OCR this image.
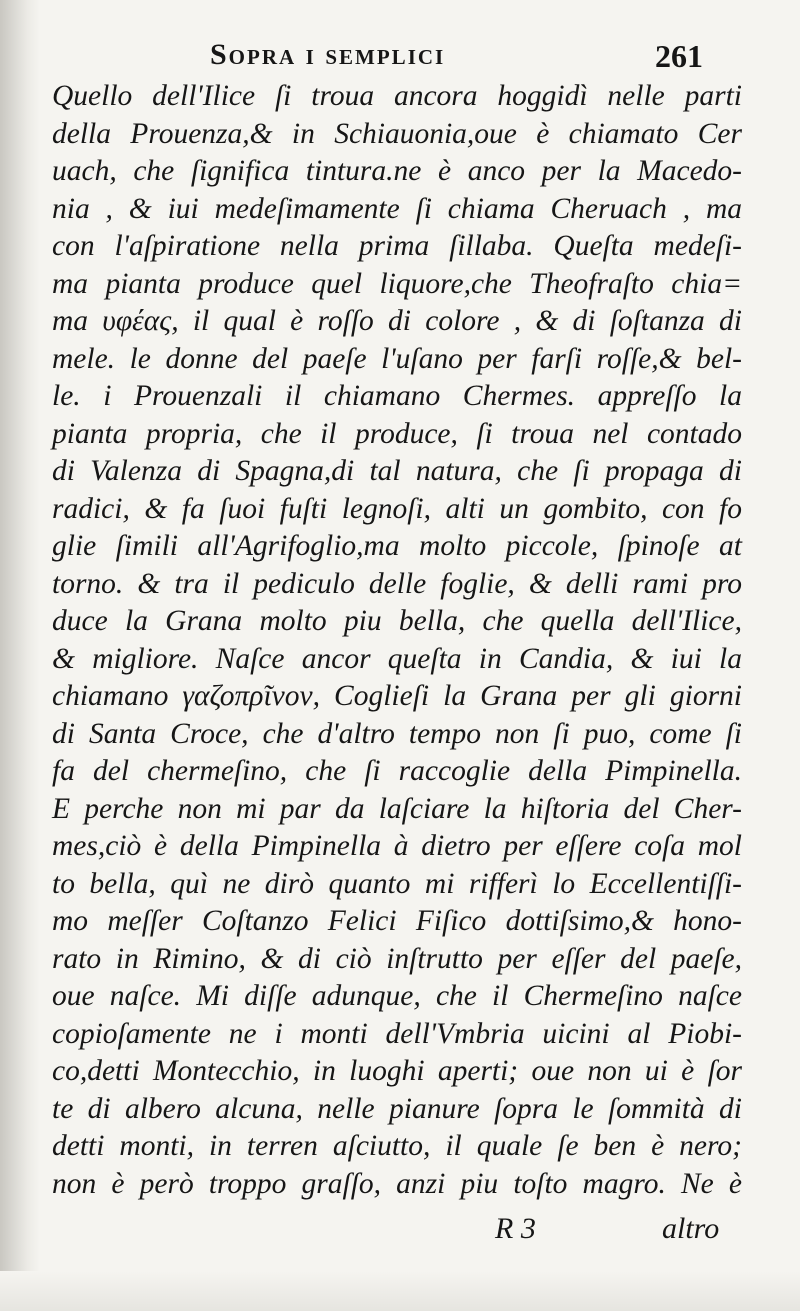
Sopra i semplici	261
Quello dell'Ilice ſi troua ancora hoggidì nelle parti
della Prouenza,& in Schiauonia,oue è chiamato Cer
uach, che ſignifica tintura.ne è anco per la Macedo-
nia , & iui medeſimamente ſi chiama Cheruach , ma
con l'aſpiratione nella prima ſillaba. Queſta medeſi-
ma pianta produce quel liquore,che Theofraſto chia=
ma υφέας, il qual è roſſo di colore , & di ſoſtanza di
mele. le donne del paeſe l'uſano per farſi roſſe,& bel-
le. i Prouenzali il chiamano Chermes. appreſſo la
pianta propria, che il produce, ſi troua nel contado
di Valenza di Spagna,di tal natura, che ſi propaga di
radici, & fa ſuoi fuſti legnoſi, alti un gombito, con fo
glie ſimili all'Agrifoglio,ma molto piccole, ſpinoſe at
torno. & tra il pediculo delle foglie, & delli rami pro
duce la Grana molto piu bella, che quella dell'Ilice,
& migliore. Naſce ancor queſta in Candia, & iui la
chiamano γαζοπρῖνον, Coglieſi la Grana per gli giorni
di Santa Croce, che d'altro tempo non ſi puo, come ſi
fa del chermeſino, che ſi raccoglie della Pimpinella.
E perche non mi par da laſciare la hiſtoria del Cher-
mes,ciò è della Pimpinella à dietro per eſſere coſa mol
to bella, quì ne dirò quanto mi rifferì lo Eccellentiſſi-
mo meſſer Coſtanzo Felici Fiſico dottiſsimo,& hono-
rato in Rimino, & di ciò inſtrutto per eſſer del paeſe,
oue naſce. Mi diſſe adunque, che il Chermeſino naſce
copioſamente ne i monti dell'Vmbria uicini al Piobi-
co,detti Montecchio, in luoghi aperti; oue non ui è ſor
te di albero alcuna, nelle pianure ſopra le ſommità di
detti monti, in terren aſciutto, il quale ſe ben è nero;
non è però troppo graſſo, anzi piu toſto magro. Ne è
R 3	altro
